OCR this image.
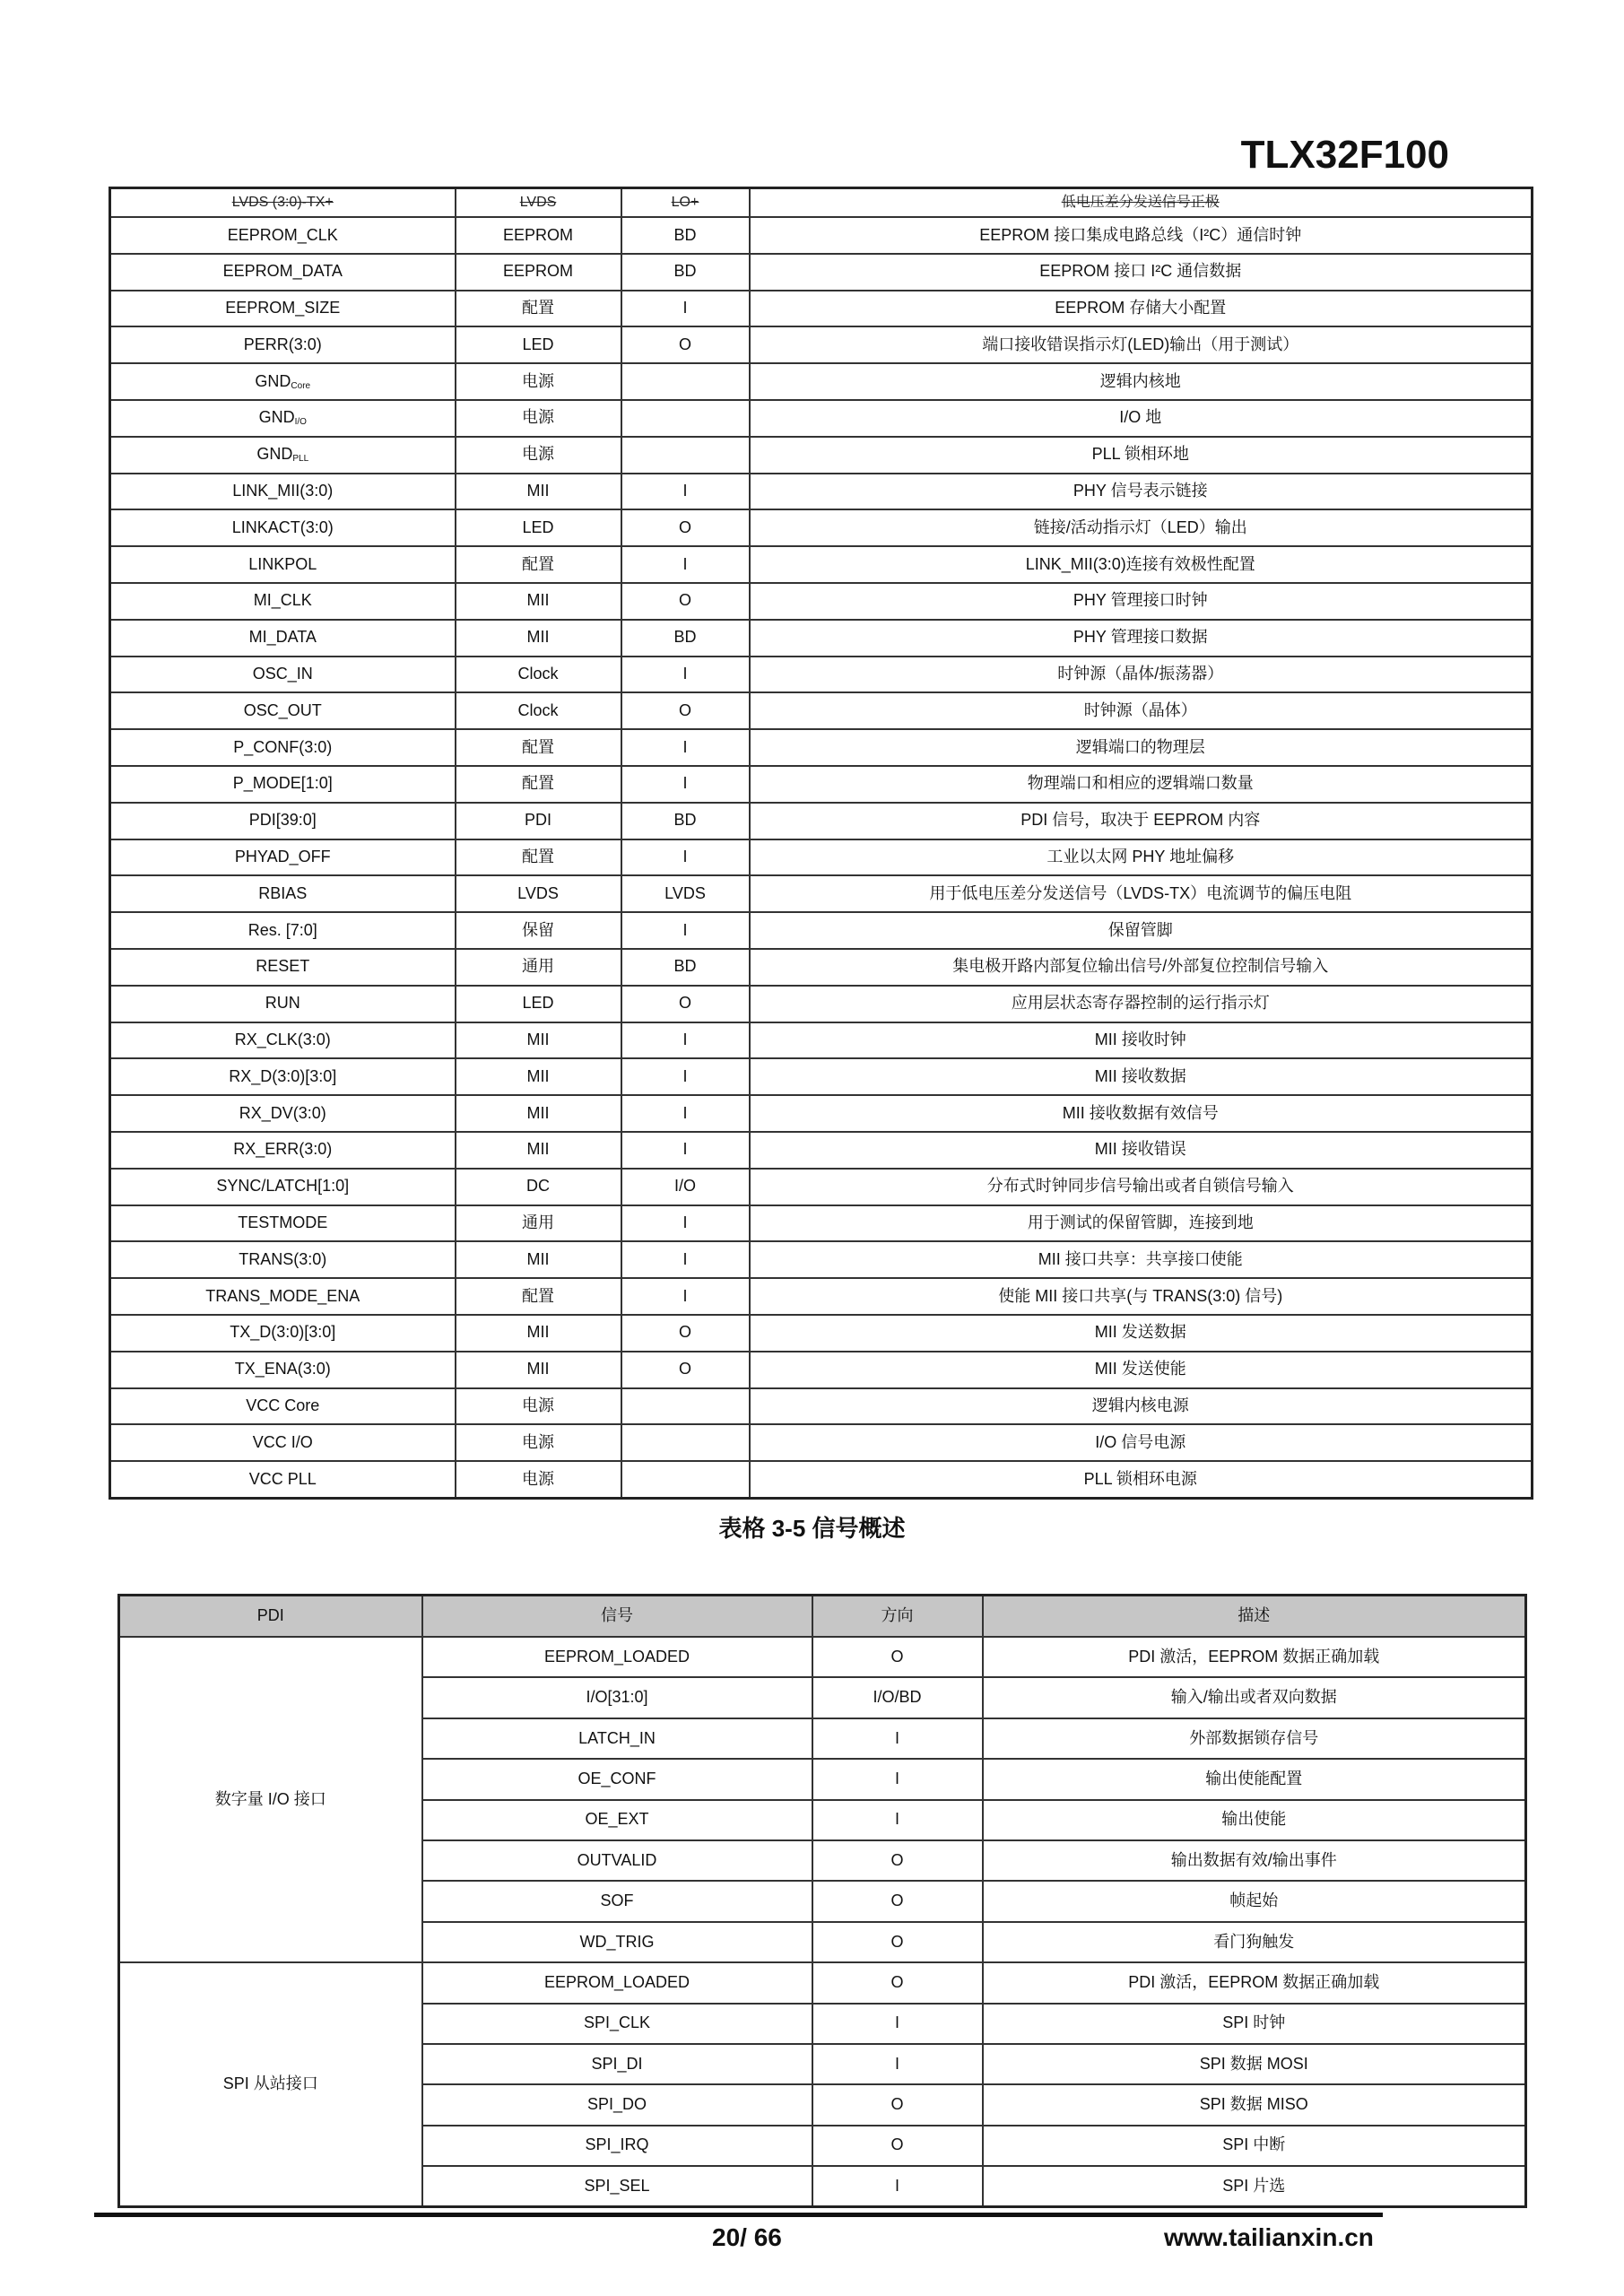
TLX32F100
LVDS (3:0)-TX+	LVDS	LO+	低电压差分发送信号正极
EEPROM_CLK	EEPROM	BD	EEPROM 接口集成电路总线（I²C）通信时钟
EEPROM_DATA	EEPROM	BD	EEPROM 接口 I²C 通信数据
EEPROM_SIZE	配置	I	EEPROM 存储大小配置
PERR(3:0)	LED	O	端口接收错误指示灯(LED)输出（用于测试）
$GND_{Core}$	电源		逻辑内核地
$GND_{I/O}$	电源		I/O 地
$GND_{PLL}$	电源		PLL 锁相环地
LINK_MII(3:0)	MII	I	PHY 信号表示链接
LINKACT(3:0)	LED	O	链接/活动指示灯（LED）输出
LINKPOL	配置	I	LINK_MII(3:0)连接有效极性配置
MI_CLK	MII	O	PHY 管理接口时钟
MI_DATA	MII	BD	PHY 管理接口数据
OSC_IN	Clock	I	时钟源（晶体/振荡器）
OSC_OUT	Clock	O	时钟源（晶体）
P_CONF(3:0)	配置	I	逻辑端口的物理层
P_MODE[1:0]	配置	I	物理端口和相应的逻辑端口数量
PDI[39:0]	PDI	BD	PDI 信号，取决于 EEPROM 内容
PHYAD_OFF	配置	I	工业以太网 PHY 地址偏移
RBIAS	LVDS	LVDS	用于低电压差分发送信号（LVDS-TX）电流调节的偏压电阻
Res. [7:0]	保留	I	保留管脚
RESET	通用	BD	集电极开路内部复位输出信号/外部复位控制信号输入
RUN	LED	O	应用层状态寄存器控制的运行指示灯
RX_CLK(3:0)	MII	I	MII 接收时钟
RX_D(3:0)[3:0]	MII	I	MII 接收数据
RX_DV(3:0)	MII	I	MII 接收数据有效信号
RX_ERR(3:0)	MII	I	MII 接收错误
SYNC/LATCH[1:0]	DC	I/O	分布式时钟同步信号输出或者自锁信号输入
TESTMODE	通用	I	用于测试的保留管脚，连接到地
TRANS(3:0)	MII	I	MII 接口共享：共享接口使能
TRANS_MODE_ENA	配置	I	使能 MII 接口共享(与 TRANS(3:0) 信号)
TX_D(3:0)[3:0]	MII	O	MII 发送数据
TX_ENA(3:0)	MII	O	MII 发送使能
VCC Core	电源		逻辑内核电源
VCC I/O	电源		I/O 信号电源
VCC PLL	电源		PLL 锁相环电源
表格 3-5 信号概述
PDI	信号	方向	描述
数字量 I/O 接口	EEPROM_LOADED	O	PDI 激活，EEPROM 数据正确加载
	I/O[31:0]	I/O/BD	输入/输出或者双向数据
	LATCH_IN	I	外部数据锁存信号
	OE_CONF	I	输出使能配置
	OE_EXT	I	输出使能
	OUTVALID	O	输出数据有效/输出事件
	SOF	O	帧起始
	WD_TRIG	O	看门狗触发
SPI 从站接口	EEPROM_LOADED	O	PDI 激活，EEPROM 数据正确加载
	SPI_CLK	I	SPI 时钟
	SPI_DI	I	SPI 数据 MOSI
	SPI_DO	O	SPI 数据 MISO
	SPI_IRQ	O	SPI 中断
	SPI_SEL	I	SPI 片选
20/ 66	www.tailianxin.cn
